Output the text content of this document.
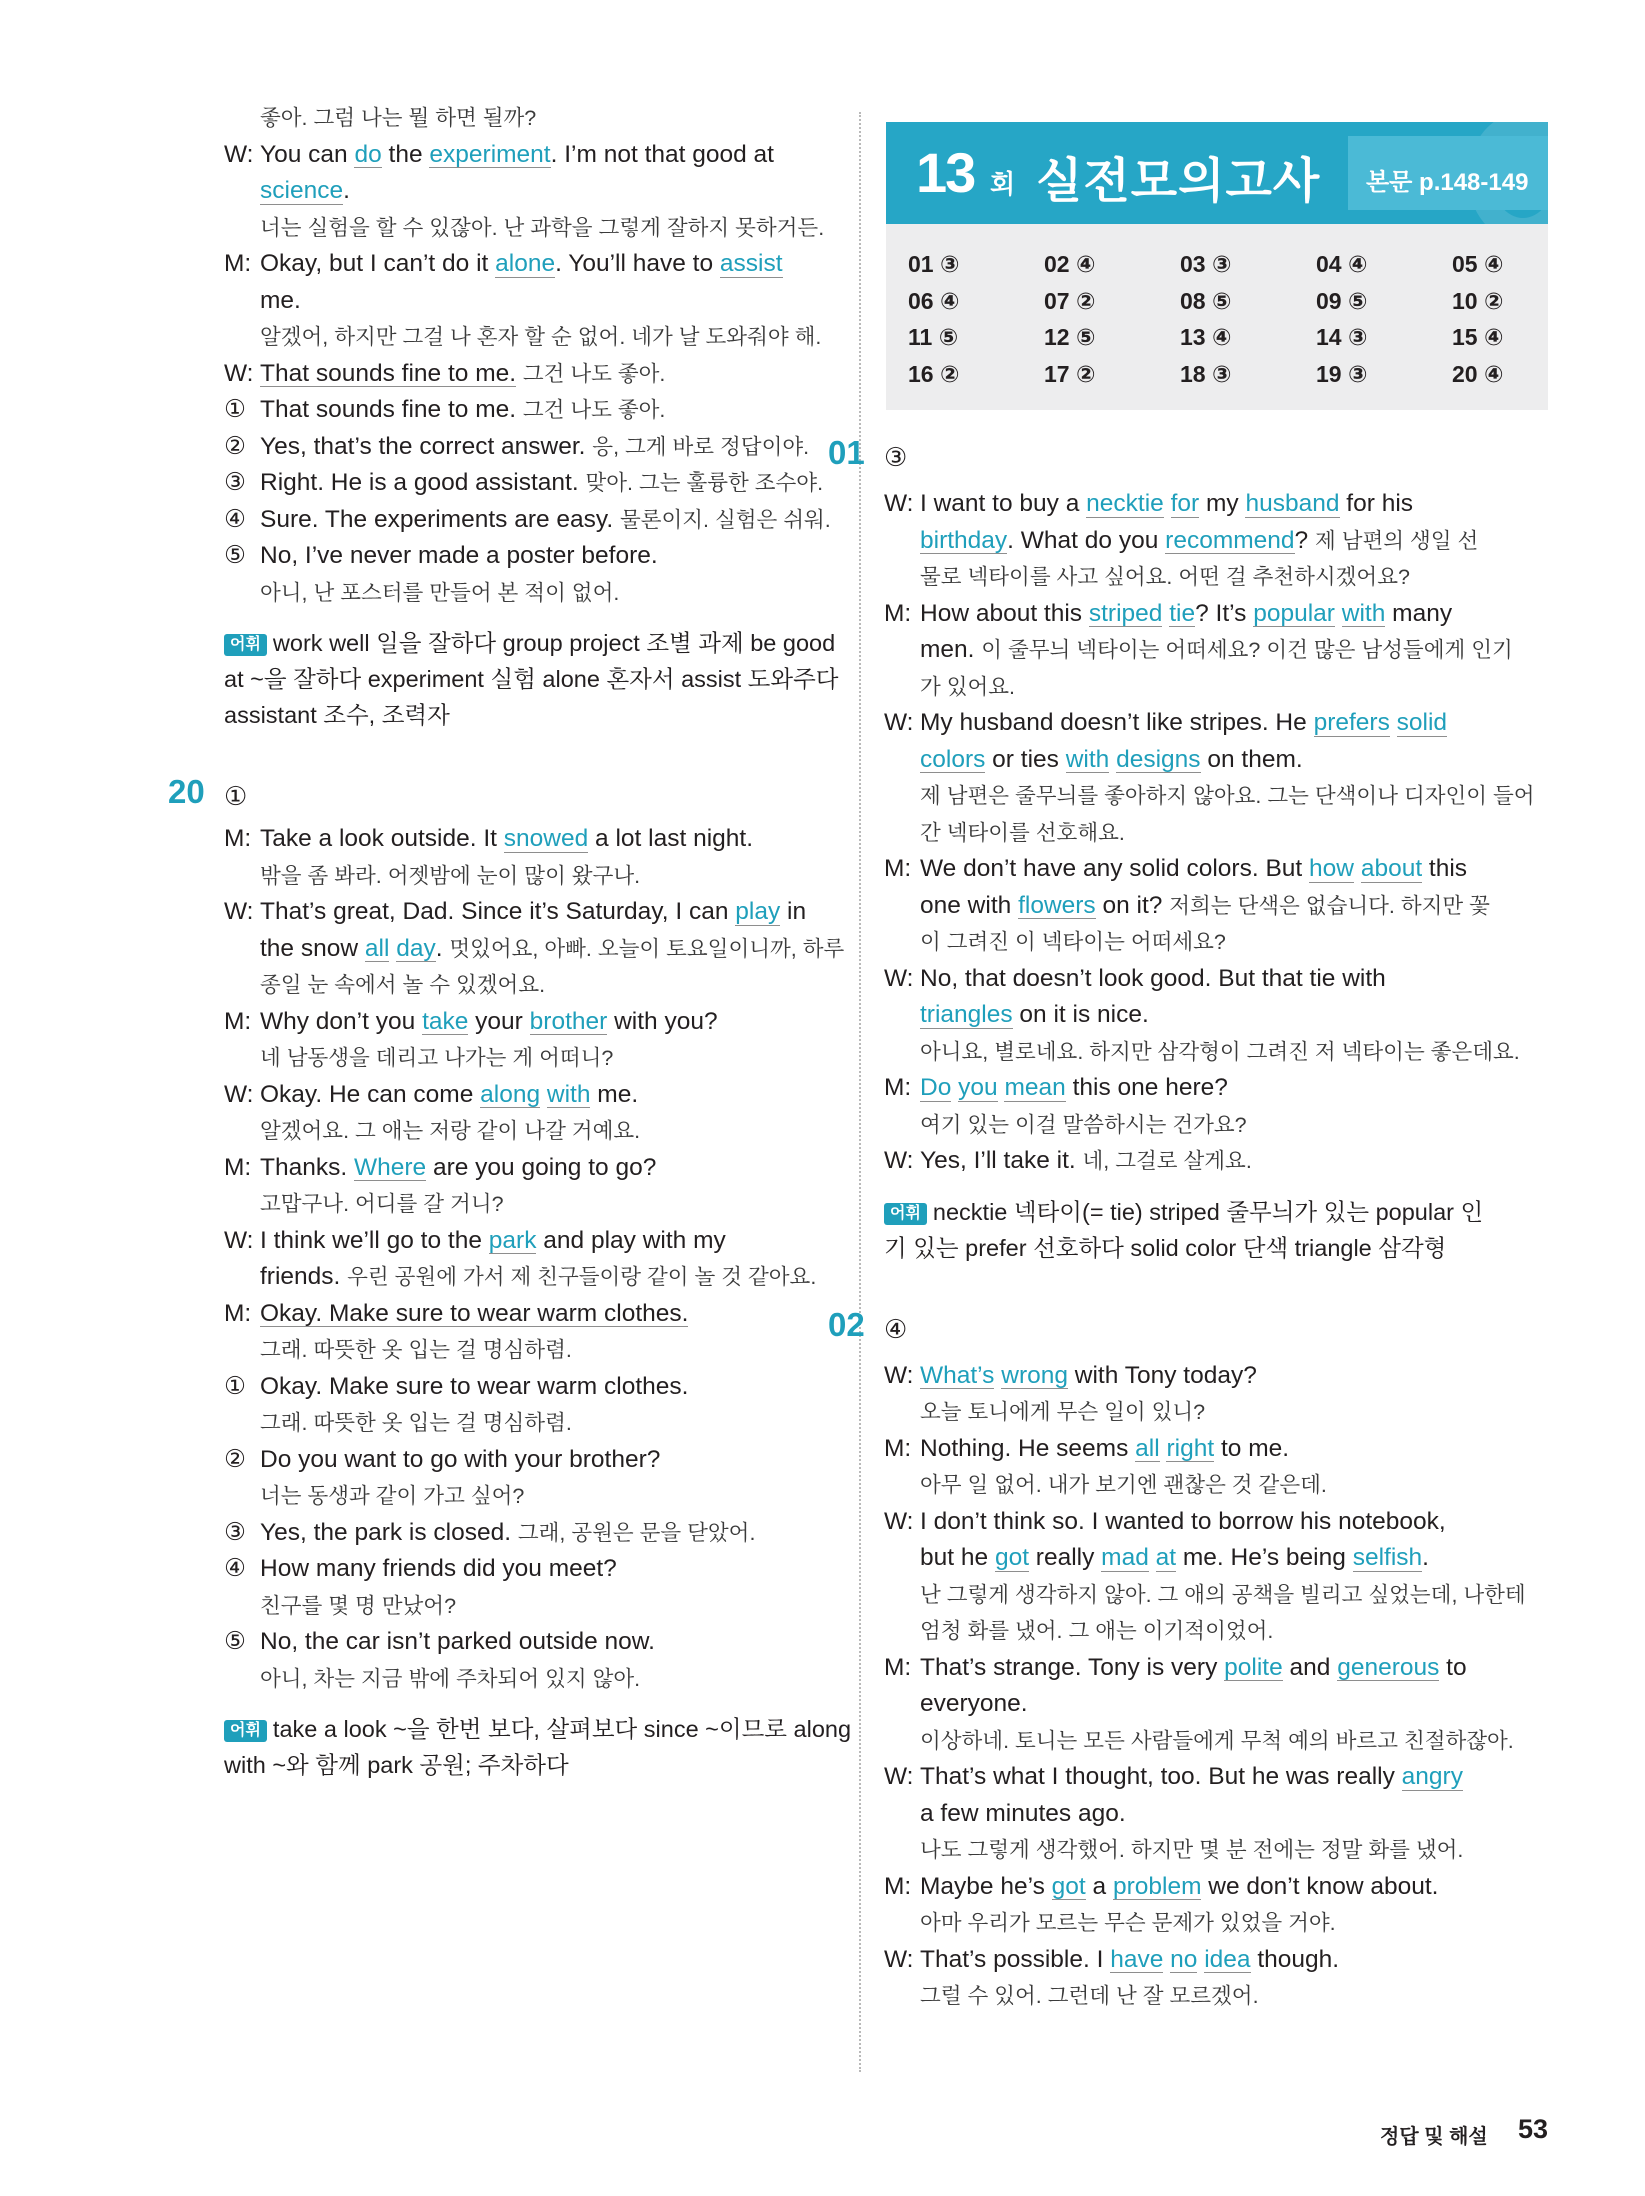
좋아. 그럼 나는 뭘 하면 될까?
W:You can do the experiment. I’m not that good at
science.
너는 실험을 할 수 있잖아. 난 과학을 그렇게 잘하지 못하거든.
M:Okay, but I can’t do it alone. You’ll have to assist
me.
알겠어, 하지만 그걸 나 혼자 할 순 없어. 네가 날 도와줘야 해.
W:That sounds fine to me. 그건 나도 좋아.
①That sounds fine to me. 그건 나도 좋아.
②Yes, that’s the correct answer. 응, 그게 바로 정답이야.
③Right. He is a good assistant. 맞아. 그는 훌륭한 조수야.
④Sure. The experiments are easy. 물론이지. 실험은 쉬워.
⑤No, I’ve never made a poster before.
아니, 난 포스터를 만들어 본 적이 없어.
어휘 work well 일을 잘하다 group project 조별 과제 be good
at ~을 잘하다 experiment 실험 alone 혼자서 assist 도와주다
assistant 조수, 조력자
20 ①
M:Take a look outside. It snowed a lot last night.
밖을 좀 봐라. 어젯밤에 눈이 많이 왔구나.
W:That’s great, Dad. Since it’s Saturday, I can play in
the snow all day. 멋있어요, 아빠. 오늘이 토요일이니까, 하루
종일 눈 속에서 놀 수 있겠어요.
M:Why don’t you take your brother with you?
네 남동생을 데리고 나가는 게 어떠니?
W:Okay. He can come along with me.
알겠어요. 그 애는 저랑 같이 나갈 거예요.
M:Thanks. Where are you going to go?
고맙구나. 어디를 갈 거니?
W:I think we’ll go to the park and play with my
friends. 우린 공원에 가서 제 친구들이랑 같이 놀 것 같아요.
M:Okay. Make sure to wear warm clothes.
그래. 따뜻한 옷 입는 걸 명심하렴.
①Okay. Make sure to wear warm clothes.
그래. 따뜻한 옷 입는 걸 명심하렴.
②Do you want to go with your brother?
너는 동생과 같이 가고 싶어?
③Yes, the park is closed. 그래, 공원은 문을 닫았어.
④How many friends did you meet?
친구를 몇 명 만났어?
⑤No, the car isn’t parked outside now.
아니, 차는 지금 밖에 주차되어 있지 않아.
어휘 take a look ~을 한번 보다, 살펴보다 since ~이므로 along
with ~와 함께 park 공원; 주차하다
13 회 실전모의고사 본문 p.148-149
01 ③	02 ④	03 ③	04 ④	05 ④
06 ④	07 ②	08 ⑤	09 ⑤	10 ②
11 ⑤	12 ⑤	13 ④	14 ③	15 ④
16 ②	17 ②	18 ③	19 ③	20 ④
01 ③
W:I want to buy a necktie for my husband for his
birthday. What do you recommend? 제 남편의 생일 선
물로 넥타이를 사고 싶어요. 어떤 걸 추천하시겠어요?
M:How about this striped tie? It’s popular with many
men. 이 줄무늬 넥타이는 어떠세요? 이건 많은 남성들에게 인기
가 있어요.
W:My husband doesn’t like stripes. He prefers solid
colors or ties with designs on them.
제 남편은 줄무늬를 좋아하지 않아요. 그는 단색이나 디자인이 들어
간 넥타이를 선호해요.
M:We don’t have any solid colors. But how about this
one with flowers on it? 저희는 단색은 없습니다. 하지만 꽃
이 그려진 이 넥타이는 어떠세요?
W:No, that doesn’t look good. But that tie with
triangles on it is nice.
아니요, 별로네요. 하지만 삼각형이 그려진 저 넥타이는 좋은데요.
M:Do you mean this one here?
여기 있는 이걸 말씀하시는 건가요?
W:Yes, I’ll take it. 네, 그걸로 살게요.
어휘 necktie 넥타이(= tie) striped 줄무늬가 있는 popular 인
기 있는 prefer 선호하다 solid color 단색 triangle 삼각형
02 ④
W:What’s wrong with Tony today?
오늘 토니에게 무슨 일이 있니?
M:Nothing. He seems all right to me.
아무 일 없어. 내가 보기엔 괜찮은 것 같은데.
W:I don’t think so. I wanted to borrow his notebook,
but he got really mad at me. He’s being selfish.
난 그렇게 생각하지 않아. 그 애의 공책을 빌리고 싶었는데, 나한테
엄청 화를 냈어. 그 애는 이기적이었어.
M:That’s strange. Tony is very polite and generous to
everyone.
이상하네. 토니는 모든 사람들에게 무척 예의 바르고 친절하잖아.
W:That’s what I thought, too. But he was really angry
a few minutes ago.
나도 그렇게 생각했어. 하지만 몇 분 전에는 정말 화를 냈어.
M:Maybe he’s got a problem we don’t know about.
아마 우리가 모르는 무슨 문제가 있었을 거야.
W:That’s possible. I have no idea though.
그럴 수 있어. 그런데 난 잘 모르겠어.
정답 및 해설 53
